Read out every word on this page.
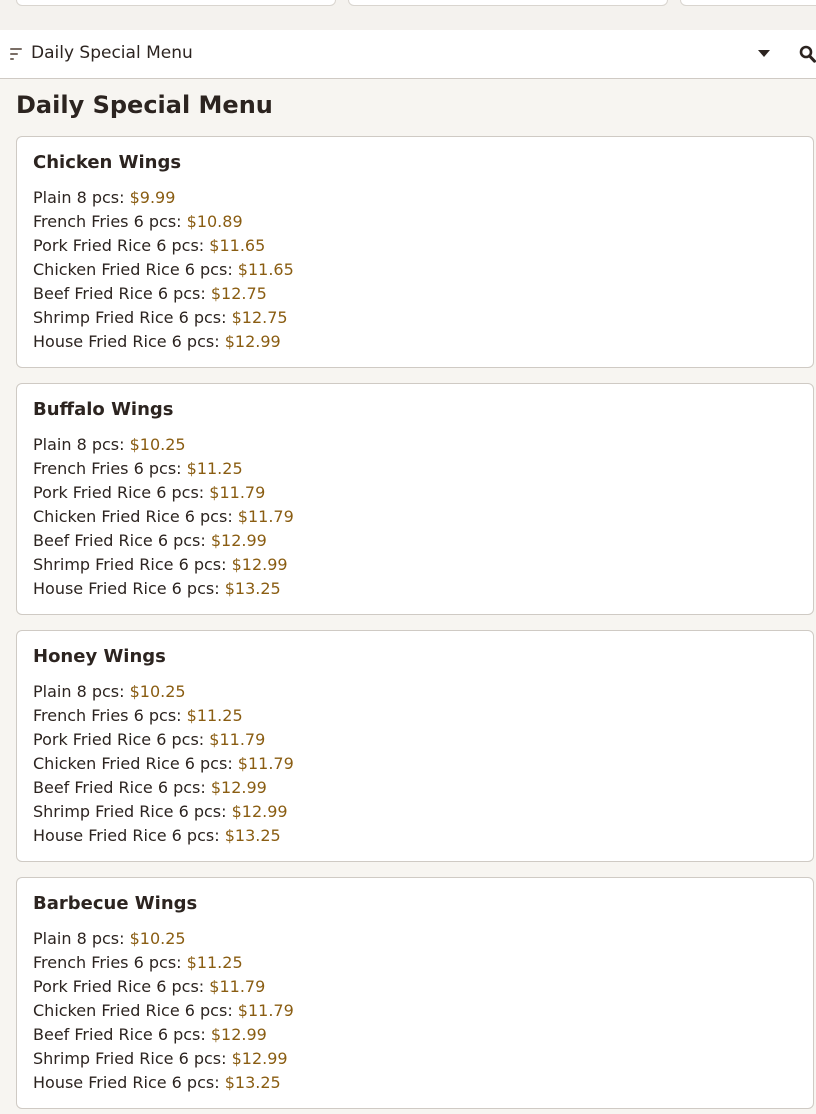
Daily Special Menu
Daily Special Menu
Chicken Wings
Plain 8 pcs: $9.99
French Fries 6 pcs: $10.89
Pork Fried Rice 6 pcs: $11.65
Chicken Fried Rice 6 pcs: $11.65
Beef Fried Rice 6 pcs: $12.75
Shrimp Fried Rice 6 pcs: $12.75
House Fried Rice 6 pcs: $12.99
Buffalo Wings
Plain 8 pcs: $10.25
French Fries 6 pcs: $11.25
Pork Fried Rice 6 pcs: $11.79
Chicken Fried Rice 6 pcs: $11.79
Beef Fried Rice 6 pcs: $12.99
Shrimp Fried Rice 6 pcs: $12.99
House Fried Rice 6 pcs: $13.25
Honey Wings
Plain 8 pcs: $10.25
French Fries 6 pcs: $11.25
Pork Fried Rice 6 pcs: $11.79
Chicken Fried Rice 6 pcs: $11.79
Beef Fried Rice 6 pcs: $12.99
Shrimp Fried Rice 6 pcs: $12.99
House Fried Rice 6 pcs: $13.25
Barbecue Wings
Plain 8 pcs: $10.25
French Fries 6 pcs: $11.25
Pork Fried Rice 6 pcs: $11.79
Chicken Fried Rice 6 pcs: $11.79
Beef Fried Rice 6 pcs: $12.99
Shrimp Fried Rice 6 pcs: $12.99
House Fried Rice 6 pcs: $13.25
